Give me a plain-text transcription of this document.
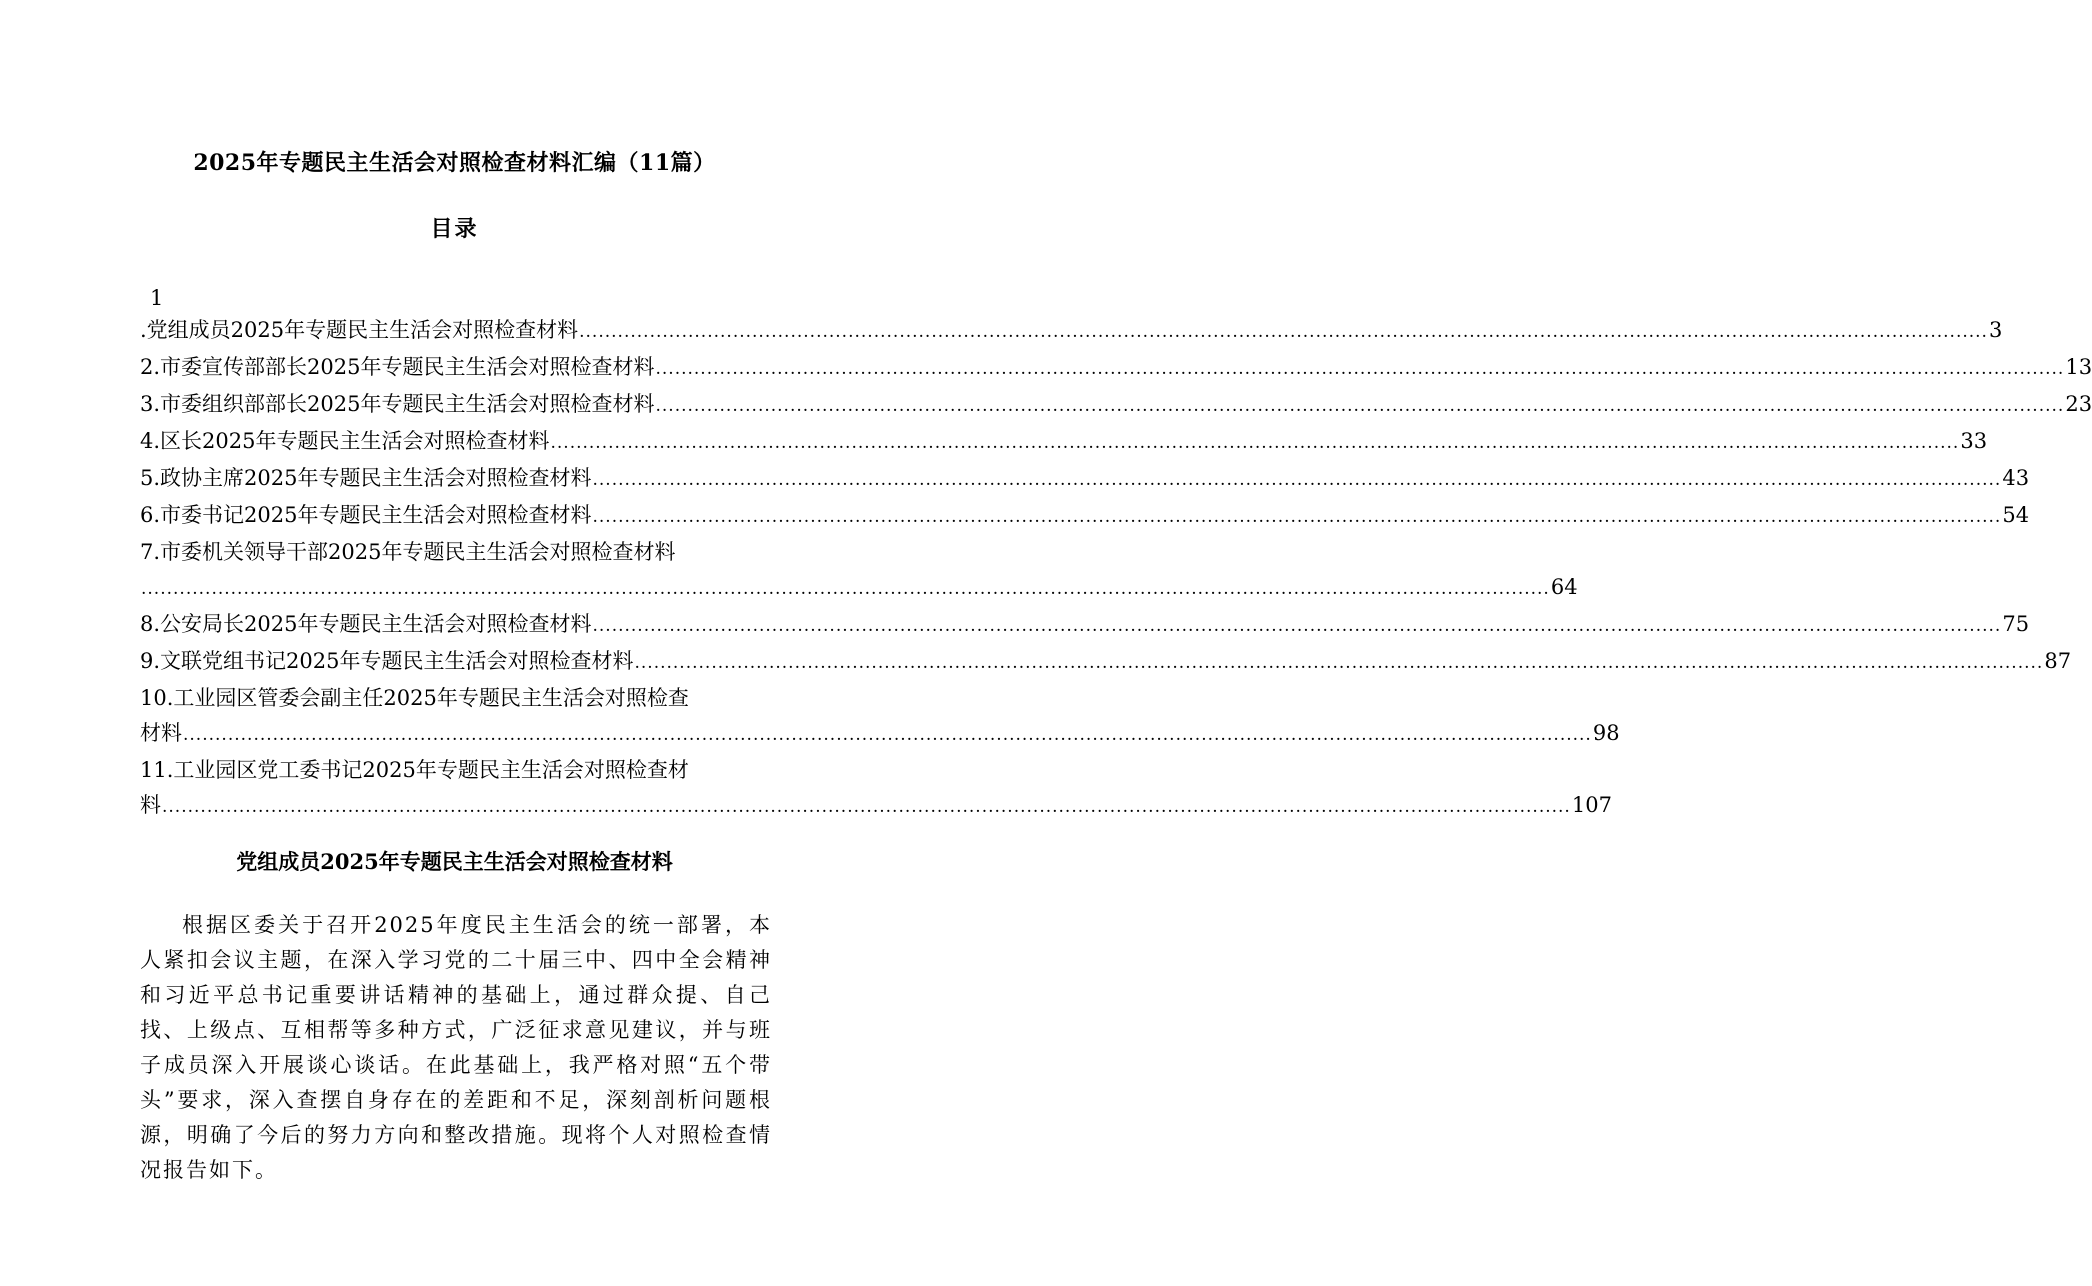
2025年专题民主生活会对照检查材料汇编（11篇）
目录
1
.党组成员2025年专题民主生活会对照检查材料 ............................................................................................................................................................................................................................ 3
2.市委宣传部部长2025年专题民主生活会对照检查材料 ............................................................................................................................................................................................................................ 13
3.市委组织部部长2025年专题民主生活会对照检查材料 ............................................................................................................................................................................................................................ 23
4.区长2025年专题民主生活会对照检查材料 ............................................................................................................................................................................................................................ 33
5.政协主席2025年专题民主生活会对照检查材料 ............................................................................................................................................................................................................................ 43
6.市委书记2025年专题民主生活会对照检查材料 ............................................................................................................................................................................................................................ 54
7.市委机关领导干部2025年专题民主生活会对照检查材料
............................................................................................................................................................................................................................ 64
8.公安局长2025年专题民主生活会对照检查材料 ............................................................................................................................................................................................................................ 75
9.文联党组书记2025年专题民主生活会对照检查材料 ............................................................................................................................................................................................................................ 87
10.工业园区管委会副主任2025年专题民主生活会对照检查
材料 ............................................................................................................................................................................................................................ 98
11.工业园区党工委书记2025年专题民主生活会对照检查材
料 ............................................................................................................................................................................................................................ 107
党组成员2025年专题民主生活会对照检查材料
根据区委关于召开2025年度民主生活会的统一部署，本人紧扣会议主题，在深入学习党的二十届三中、四中全会精神和习近平总书记重要讲话精神的基础上，通过群众提、自己找、上级点、互相帮等多种方式，广泛征求意见建议，并与班子成员深入开展谈心谈话。在此基础上，我严格对照“五个带头”要求，深入查摆自身存在的差距和不足，深刻剖析问题根源，明确了今后的努力方向和整改措施。现将个人对照检查情况报告如下。
